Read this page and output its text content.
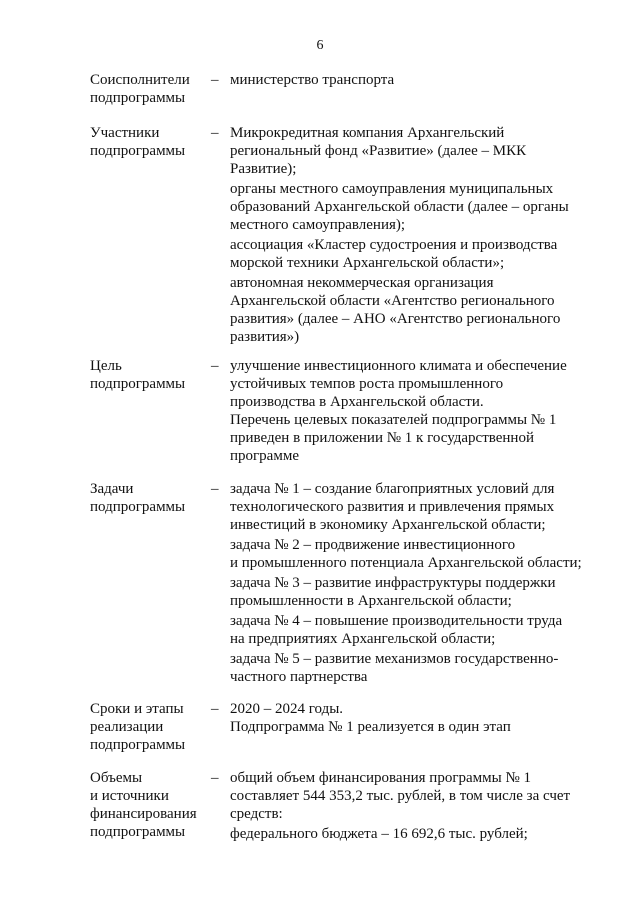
6
Соисполнители
подпрограммы
– министерство транспорта
Участники
подпрограммы
– Микрокредитная компания Архангельский
региональный фонд «Развитие» (далее – МКК
Развитие);
органы местного самоуправления муниципальных
образований Архангельской области (далее – органы
местного самоуправления);
ассоциация «Кластер судостроения и производства
морской техники Архангельской области»;
автономная некоммерческая организация
Архангельской области «Агентство регионального
развития» (далее – АНО «Агентство регионального
развития»)
Цель
подпрограммы
– улучшение инвестиционного климата и обеспечение
устойчивых темпов роста промышленного
производства в Архангельской области.
Перечень целевых показателей подпрограммы № 1
приведен в приложении № 1 к государственной
программе
Задачи
подпрограммы
– задача № 1 – создание благоприятных условий для
технологического развития и привлечения прямых
инвестиций в экономику Архангельской области;
задача № 2 – продвижение инвестиционного
и промышленного потенциала Архангельской области;
задача № 3 – развитие инфраструктуры поддержки
промышленности в Архангельской области;
задача № 4 – повышение производительности труда
на предприятиях Архангельской области;
задача № 5 – развитие механизмов государственно-
частного партнерства
Сроки и этапы
реализации
подпрограммы
– 2020 – 2024 годы.
Подпрограмма № 1 реализуется в один этап
Объемы
и источники
финансирования
подпрограммы
– общий объем финансирования программы № 1
составляет 544 353,2 тыс. рублей, в том числе за счет
средств:
федерального бюджета – 16 692,6 тыс. рублей;
